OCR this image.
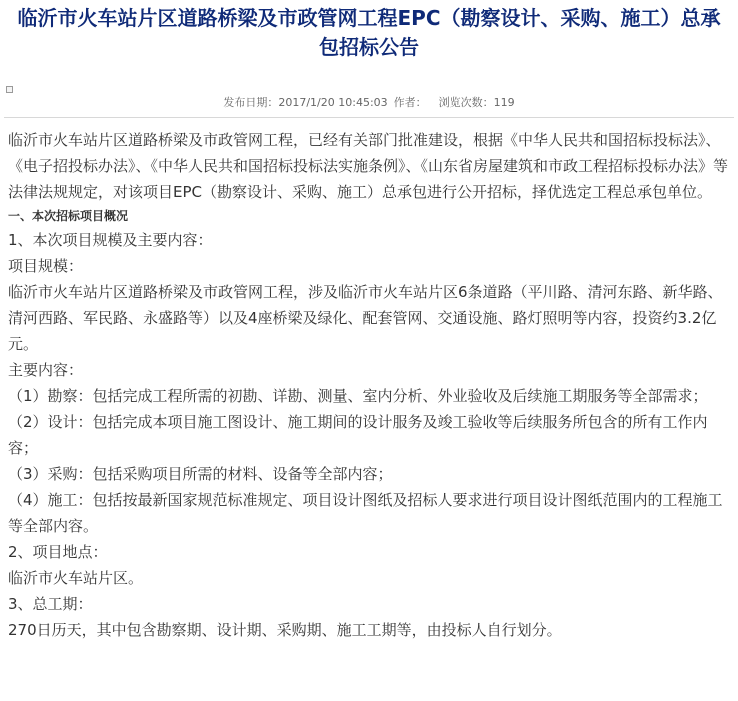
临沂市火车站片区道路桥梁及市政管网工程EPC（勘察设计、采购、施工）总承包招标公告
发布日期：2017/1/20 10:45:03 作者： 浏览次数：119

临沂市火车站片区道路桥梁及市政管网工程，已经有关部门批准建设，根据《中华人民共和国招标投标法》、《电子招投标办法》、《中华人民共和国招标投标法实施条例》、《山东省房屋建筑和市政工程招标投标办法》等法律法规规定，对该项目EPC（勘察设计、采购、施工）总承包进行公开招标，择优选定工程总承包单位。

一、本次招标项目概况

1、本次项目规模及主要内容：

项目规模：

临沂市火车站片区道路桥梁及市政管网工程，涉及临沂市火车站片区6条道路（平川路、清河东路、新华路、清河西路、军民路、永盛路等）以及4座桥梁及绿化、配套管网、交通设施、路灯照明等内容，投资约3.2亿元。

主要内容：

（1）勘察：包括完成工程所需的初勘、详勘、测量、室内分析、外业验收及后续施工期服务等全部需求；

（2）设计：包括完成本项目施工图设计、施工期间的设计服务及竣工验收等后续服务所包含的所有工作内容；

（3）采购：包括采购项目所需的材料、设备等全部内容；

（4）施工：包括按最新国家规范标准规定、项目设计图纸及招标人要求进行项目设计图纸范围内的工程施工等全部内容。

2、项目地点：

临沂市火车站片区。

3、总工期：

270日历天，其中包含勘察期、设计期、采购期、施工工期等，由投标人自行划分。
